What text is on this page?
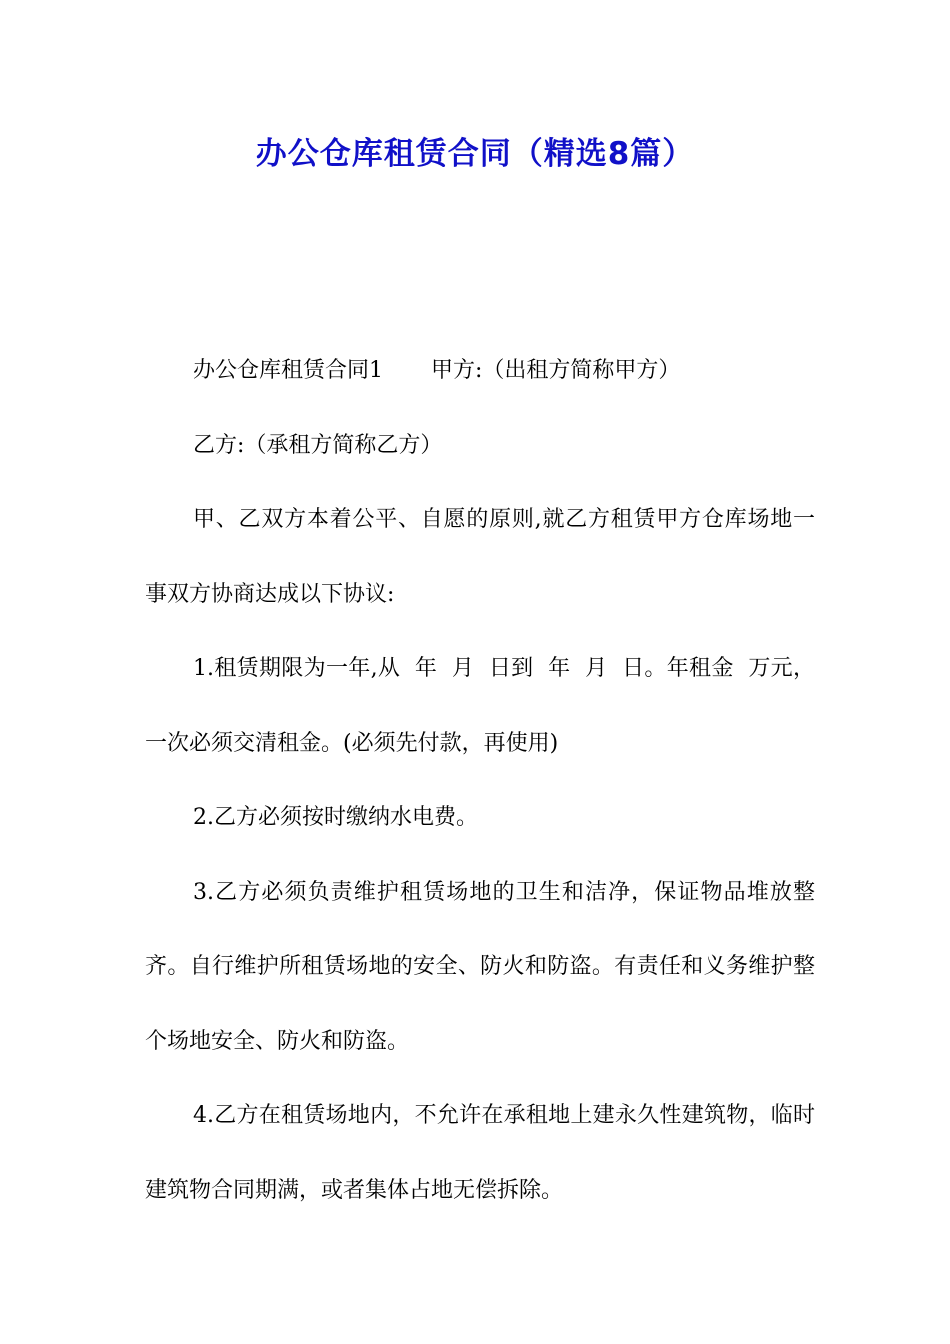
办公仓库租赁合同（精选8篇）

办公仓库租赁合同1 甲方:（出租方简称甲方）

乙方:（承租方简称乙方）

甲、乙双方本着公平、自愿的原则,就乙方租赁甲方仓库场地一事双方协商达成以下协议:

1.租赁期限为一年,从  年  月  日到  年  月  日。年租金  万元，一次必须交清租金。(必须先付款，再使用)

2.乙方必须按时缴纳水电费。

3.乙方必须负责维护租赁场地的卫生和洁净，保证物品堆放整齐。自行维护所租赁场地的安全、防火和防盗。有责任和义务维护整个场地安全、防火和防盗。

4.乙方在租赁场地内，不允许在承租地上建永久性建筑物，临时建筑物合同期满，或者集体占地无偿拆除。
